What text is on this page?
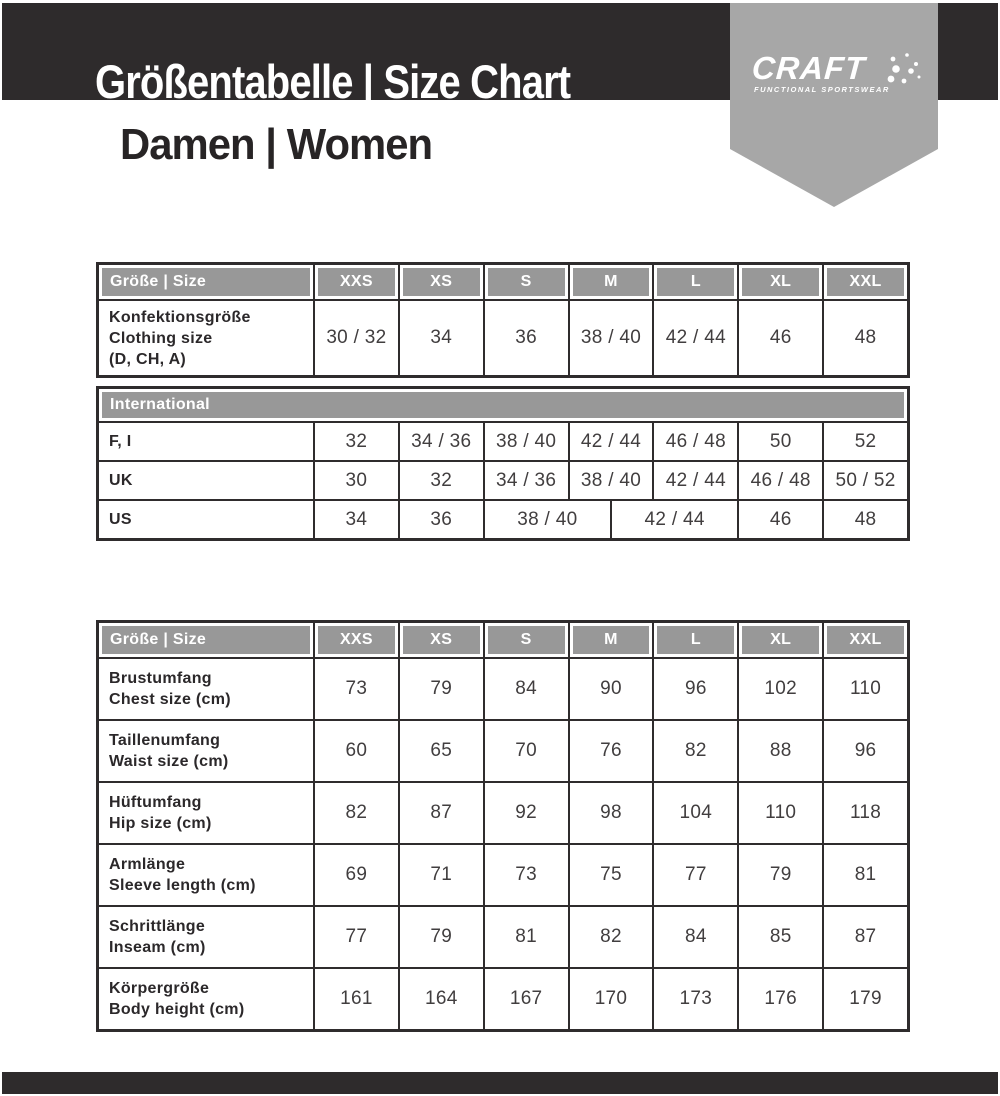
Größentabelle | Size Chart
Damen | Women
CRAFT
FUNCTIONAL SPORTSWEAR
Größe | Size	XXS	XS	S	M	L	XL	XXL
Konfektionsgröße
Clothing size
(D, CH, A)
30 / 32	34	36	38 / 40	42 / 44	46	48
International
F, I	32	34 / 36	38 / 40	42 / 44	46 / 48	50	52
UK	30	32	34 / 36	38 / 40	42 / 44	46 / 48	50 / 52
US	34	36	38 / 40	42 / 44	46	48
Größe | Size	XXS	XS	S	M	L	XL	XXL
Brustumfang
Chest size (cm)
73	79	84	90	96	102	110
Taillenumfang
Waist size (cm)
60	65	70	76	82	88	96
Hüftumfang
Hip size (cm)
82	87	92	98	104	110	118
Armlänge
Sleeve length (cm)
69	71	73	75	77	79	81
Schrittlänge
Inseam (cm)
77	79	81	82	84	85	87
Körpergröße
Body height (cm)
161	164	167	170	173	176	179
